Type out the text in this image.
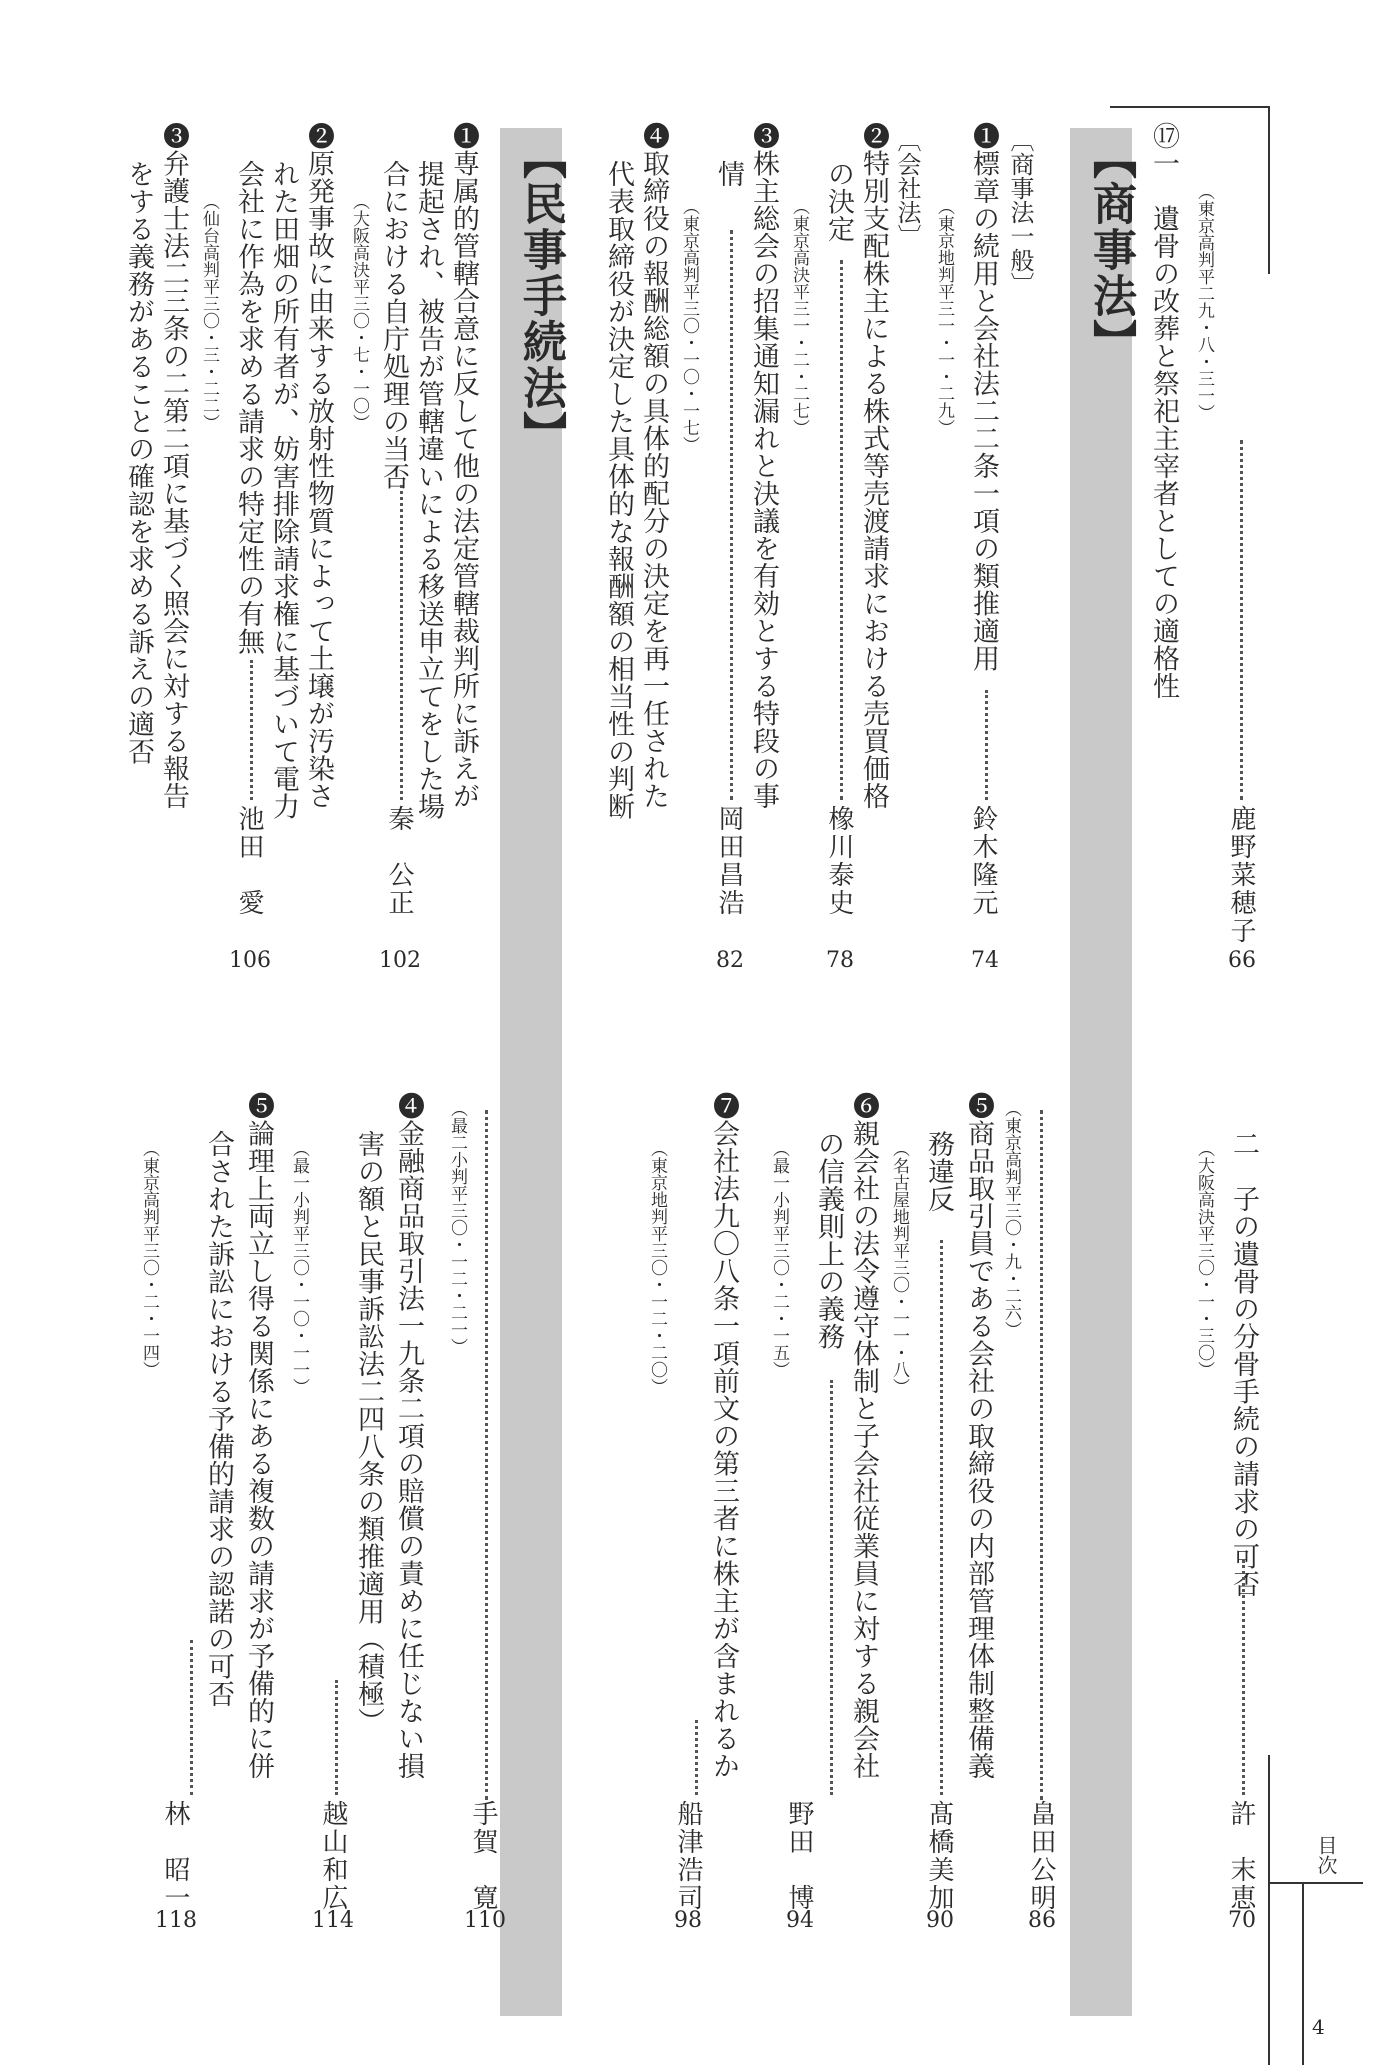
目次
4
【商事法】
【民事手続法】	⑰一　遺骨の改葬と祭祀主宰者としての適格性 （東京高判平二九・八・三一）
鹿野菜穂子
66
〔商事法一般〕
❶標章の続用と会社法二二条一項の類推適用
（東京地判平三一・一・二九）
鈴木隆元
74
〔会社法〕
❷特別支配株主による株式等売渡請求における売買価格
の決定
（東京高決平三一・二・二七）
橡川泰史
78
❸株主総会の招集通知漏れと決議を有効とする特段の事
情
（東京高判平三〇・一〇・一七）
岡田昌浩
82
❹取締役の報酬総額の具体的配分の決定を再一任された
代表取締役が決定した具体的な報酬額の相当性の判断
（東京高判平三〇・九・二六）
畠田公明
86
二　子の遺骨の分骨手続の請求の可否
（大阪高決平三〇・一・三〇）
許　末恵
70
❺商品取引員である会社の取締役の内部管理体制整備義
務違反
（名古屋地判平三〇・一一・八）
髙橋美加
90
❻親会社の法令遵守体制と子会社従業員に対する親会社
の信義則上の義務
（最一小判平三〇・二・一五）
野田　博
94
❼会社法九〇八条一項前文の第三者に株主が含まれるか
（東京地判平三〇・一二・二〇）
船津浩司
98
❶専属的管轄合意に反して他の法定管轄裁判所に訴えが
提起され、被告が管轄違いによる移送申立てをした場
合における自庁処理の当否
（大阪高決平三〇・七・一〇）
秦　公正
102
❷原発事故に由来する放射性物質によって土壌が汚染さ
れた田畑の所有者が、妨害排除請求権に基づいて電力
会社に作為を求める請求の特定性の有無
（仙台高判平三〇・三・二二）
池田　愛
106
❸弁護士法二三条の二第二項に基づく照会に対する報告
をする義務があることの確認を求める訴えの適否
（最二小判平三〇・一二・二一）
手賀　寛
110
❹金融商品取引法一九条二項の賠償の責めに任じない損
害の額と民事訴訟法二四八条の類推適用（積極）
（最一小判平三〇・一〇・一一）
越山和広
114
❺論理上両立し得る関係にある複数の請求が予備的に併
合された訴訟における予備的請求の認諾の可否
（東京高判平三〇・二・一四）
林　昭一
118
